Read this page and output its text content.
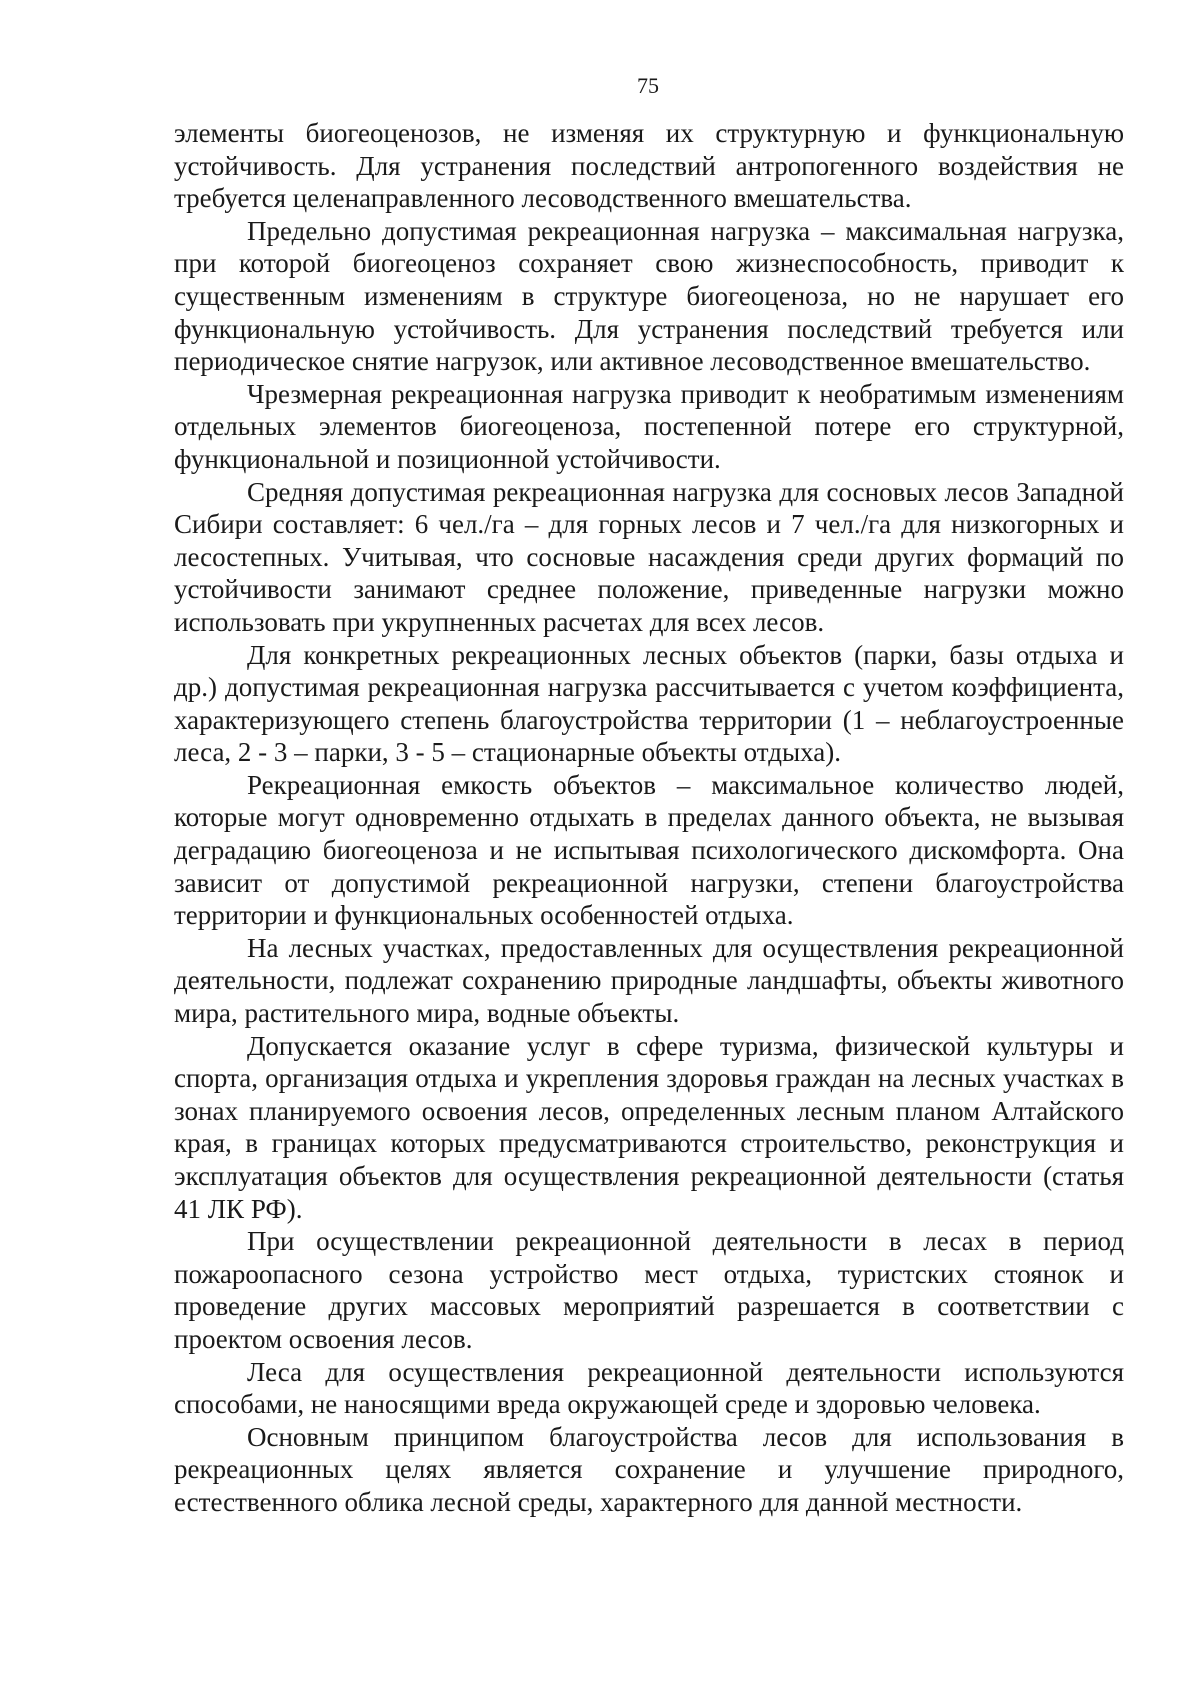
75

элементы биогеоценозов, не изменяя их структурную и функциональную устойчивость. Для устранения последствий антропогенного воздействия не требуется целенаправленного лесоводственного вмешательства.

Предельно допустимая рекреационная нагрузка – максимальная нагрузка, при которой биогеоценоз сохраняет свою жизнеспособность, приводит к существенным изменениям в структуре биогеоценоза, но не нарушает его функциональную устойчивость. Для устранения последствий требуется или периодическое снятие нагрузок, или активное лесоводственное вмешательство.

Чрезмерная рекреационная нагрузка приводит к необратимым изменениям отдельных элементов биогеоценоза, постепенной потере его структурной, функциональной и позиционной устойчивости.

Средняя допустимая рекреационная нагрузка для сосновых лесов Западной Сибири составляет: 6 чел./га – для горных лесов и 7 чел./га для низкогорных и лесостепных. Учитывая, что сосновые насаждения среди других формаций по устойчивости занимают среднее положение, приведенные нагрузки можно использовать при укрупненных расчетах для всех лесов.

Для конкретных рекреационных лесных объектов (парки, базы отдыха и др.) допустимая рекреационная нагрузка рассчитывается с учетом коэффициента, характеризующего степень благоустройства территории (1 – неблагоустроенные леса, 2 - 3 – парки, 3 - 5 – стационарные объекты отдыха).

Рекреационная емкость объектов – максимальное количество людей, которые могут одновременно отдыхать в пределах данного объекта, не вызывая деградацию биогеоценоза и не испытывая психологического дискомфорта. Она зависит от допустимой рекреационной нагрузки, степени благоустройства территории и функциональных особенностей отдыха.

На лесных участках, предоставленных для осуществления рекреационной деятельности, подлежат сохранению природные ландшафты, объекты животного мира, растительного мира, водные объекты.

Допускается оказание услуг в сфере туризма, физической культуры и спорта, организация отдыха и укрепления здоровья граждан на лесных участках в зонах планируемого освоения лесов, определенных лесным планом Алтайского края, в границах которых предусматриваются строительство, реконструкция и эксплуатация объектов для осуществления рекреационной деятельности (статья 41 ЛК РФ).

При осуществлении рекреационной деятельности в лесах в период пожароопасного сезона устройство мест отдыха, туристских стоянок и проведение других массовых мероприятий разрешается в соответствии с проектом освоения лесов.

Леса для осуществления рекреационной деятельности используются способами, не наносящими вреда окружающей среде и здоровью человека.

Основным принципом благоустройства лесов для использования в рекреационных целях является сохранение и улучшение природного, естественного облика лесной среды, характерного для данной местности.
